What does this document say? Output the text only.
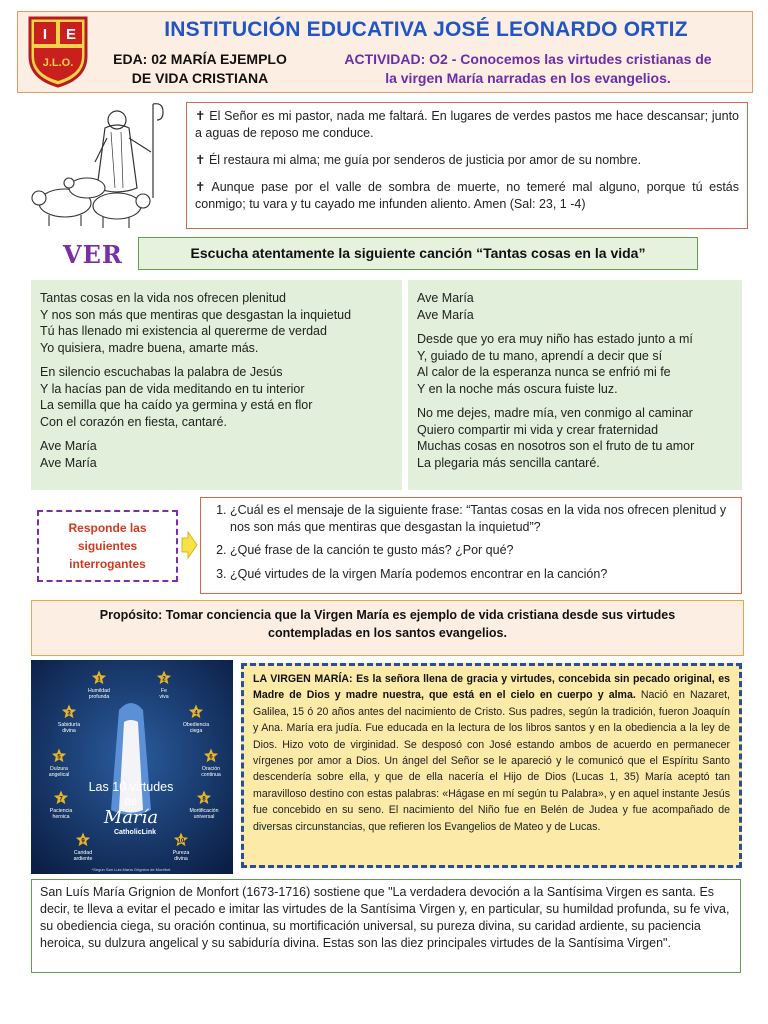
I E
J.L.O.
INSTITUCIÓN EDUCATIVA JOSÉ LEONARDO ORTIZ
EDA: 02 MARÍA EJEMPLO
DE VIDA CRISTIANA
ACTIVIDAD: O2 - Conocemos las virtudes cristianas de
la virgen María narradas en los evangelios.

✝ El Señor es mi pastor, nada me faltará. En lugares de verdes pastos me hace descansar; junto a aguas de reposo me conduce.

✝ Él restaura mi alma; me guía por senderos de justicia por amor de su nombre.

✝ Aunque pase por el valle de sombra de muerte, no temeré mal alguno, porque tú estás conmigo; tu vara y tu cayado me infunden aliento. Amen (Sal: 23, 1 -4)

VER	Escucha atentamente la siguiente canción “Tantas cosas en la vida”
Tantas cosas en la vida nos ofrecen plenitud
Y nos son más que mentiras que desgastan la inquietud
Tú has llenado mi existencia al quererme de verdad
Yo quisiera, madre buena, amarte más.
En silencio escuchabas la palabra de Jesús
Y la hacías pan de vida meditando en tu interior
La semilla que ha caído ya germina y está en flor
Con el corazón en fiesta, cantaré.
Ave María
Ave María
Ave María
Ave María
Desde que yo era muy niño has estado junto a mí
Y, guiado de tu mano, aprendí a decir que sí
Al calor de la esperanza nunca se enfrió mi fe
Y en la noche más oscura fuiste luz.
No me dejes, madre mía, ven conmigo al caminar
Quiero compartir mi vida y crear fraternidad
Muchas cosas en nosotros son el fruto de tu amor
La plegaria más sencilla cantaré.
Responde las siguientes interrogantes
1. ¿Cuál es el mensaje de la siguiente frase: “Tantas cosas en la vida nos ofrecen plenitud y nos son más que mentiras que desgastan la inquietud”?
2. ¿Qué frase de la canción te gusto más? ¿Por qué?
3. ¿Qué virtudes de la virgen María podemos encontrar en la canción?
Propósito: Tomar conciencia que la Virgen María es ejemplo de vida cristiana desde sus virtudes
contempladas en los santos evangelios.
1
Humildad
profunda
2
Fe
viva
3
Sabiduría
divina
4
Obediencia
ciega
5
Dulzura
angelical
6
Oración
continua
7
Paciencia
heroica
8
Mortificación
universal
9
Caridad
ardiente
10
Pureza
divina
Las 10 virtudes
de
María
CatholicLink
*Según San Luis María Grignion de Montfort
LA VIRGEN MARÍA: Es la señora llena de gracia y virtudes, concebida sin pecado original, es Madre de Dios y madre nuestra, que está en el cielo en cuerpo y alma. Nació en Nazaret, Galilea, 15 ó 20 años antes del nacimiento de Cristo. Sus padres, según la tradición, fueron Joaquín y Ana. María era judía. Fue educada en la lectura de los libros santos y en la obediencia a la ley de Dios. Hizo voto de virginidad. Se desposó con José estando ambos de acuerdo en permanecer vírgenes por amor a Dios. Un ángel del Señor se le apareció y le comunicó que el Espíritu Santo descendería sobre ella, y que de ella nacería el Hijo de Dios (Lucas 1, 35) María aceptó tan maravilloso destino con estas palabras: «Hágase en mí según tu Palabra», y en aquel instante Jesús fue concebido en su seno. El nacimiento del Niño fue en Belén de Judea y fue acompañado de diversas circunstancias, que refieren los Evangelios de Mateo y de Lucas.
San Luís María Grignion de Monfort (1673-1716) sostiene que "La verdadera devoción a la Santísima Virgen es santa. Es decir, te lleva a evitar el pecado e imitar las virtudes de la Santísima Virgen y, en particular, su humildad profunda, su fe viva, su obediencia ciega, su oración continua, su mortificación universal, su pureza divina, su caridad ardiente, su paciencia heroica, su dulzura angelical y su sabiduría divina. Estas son las diez principales virtudes de la Santísima Virgen".
